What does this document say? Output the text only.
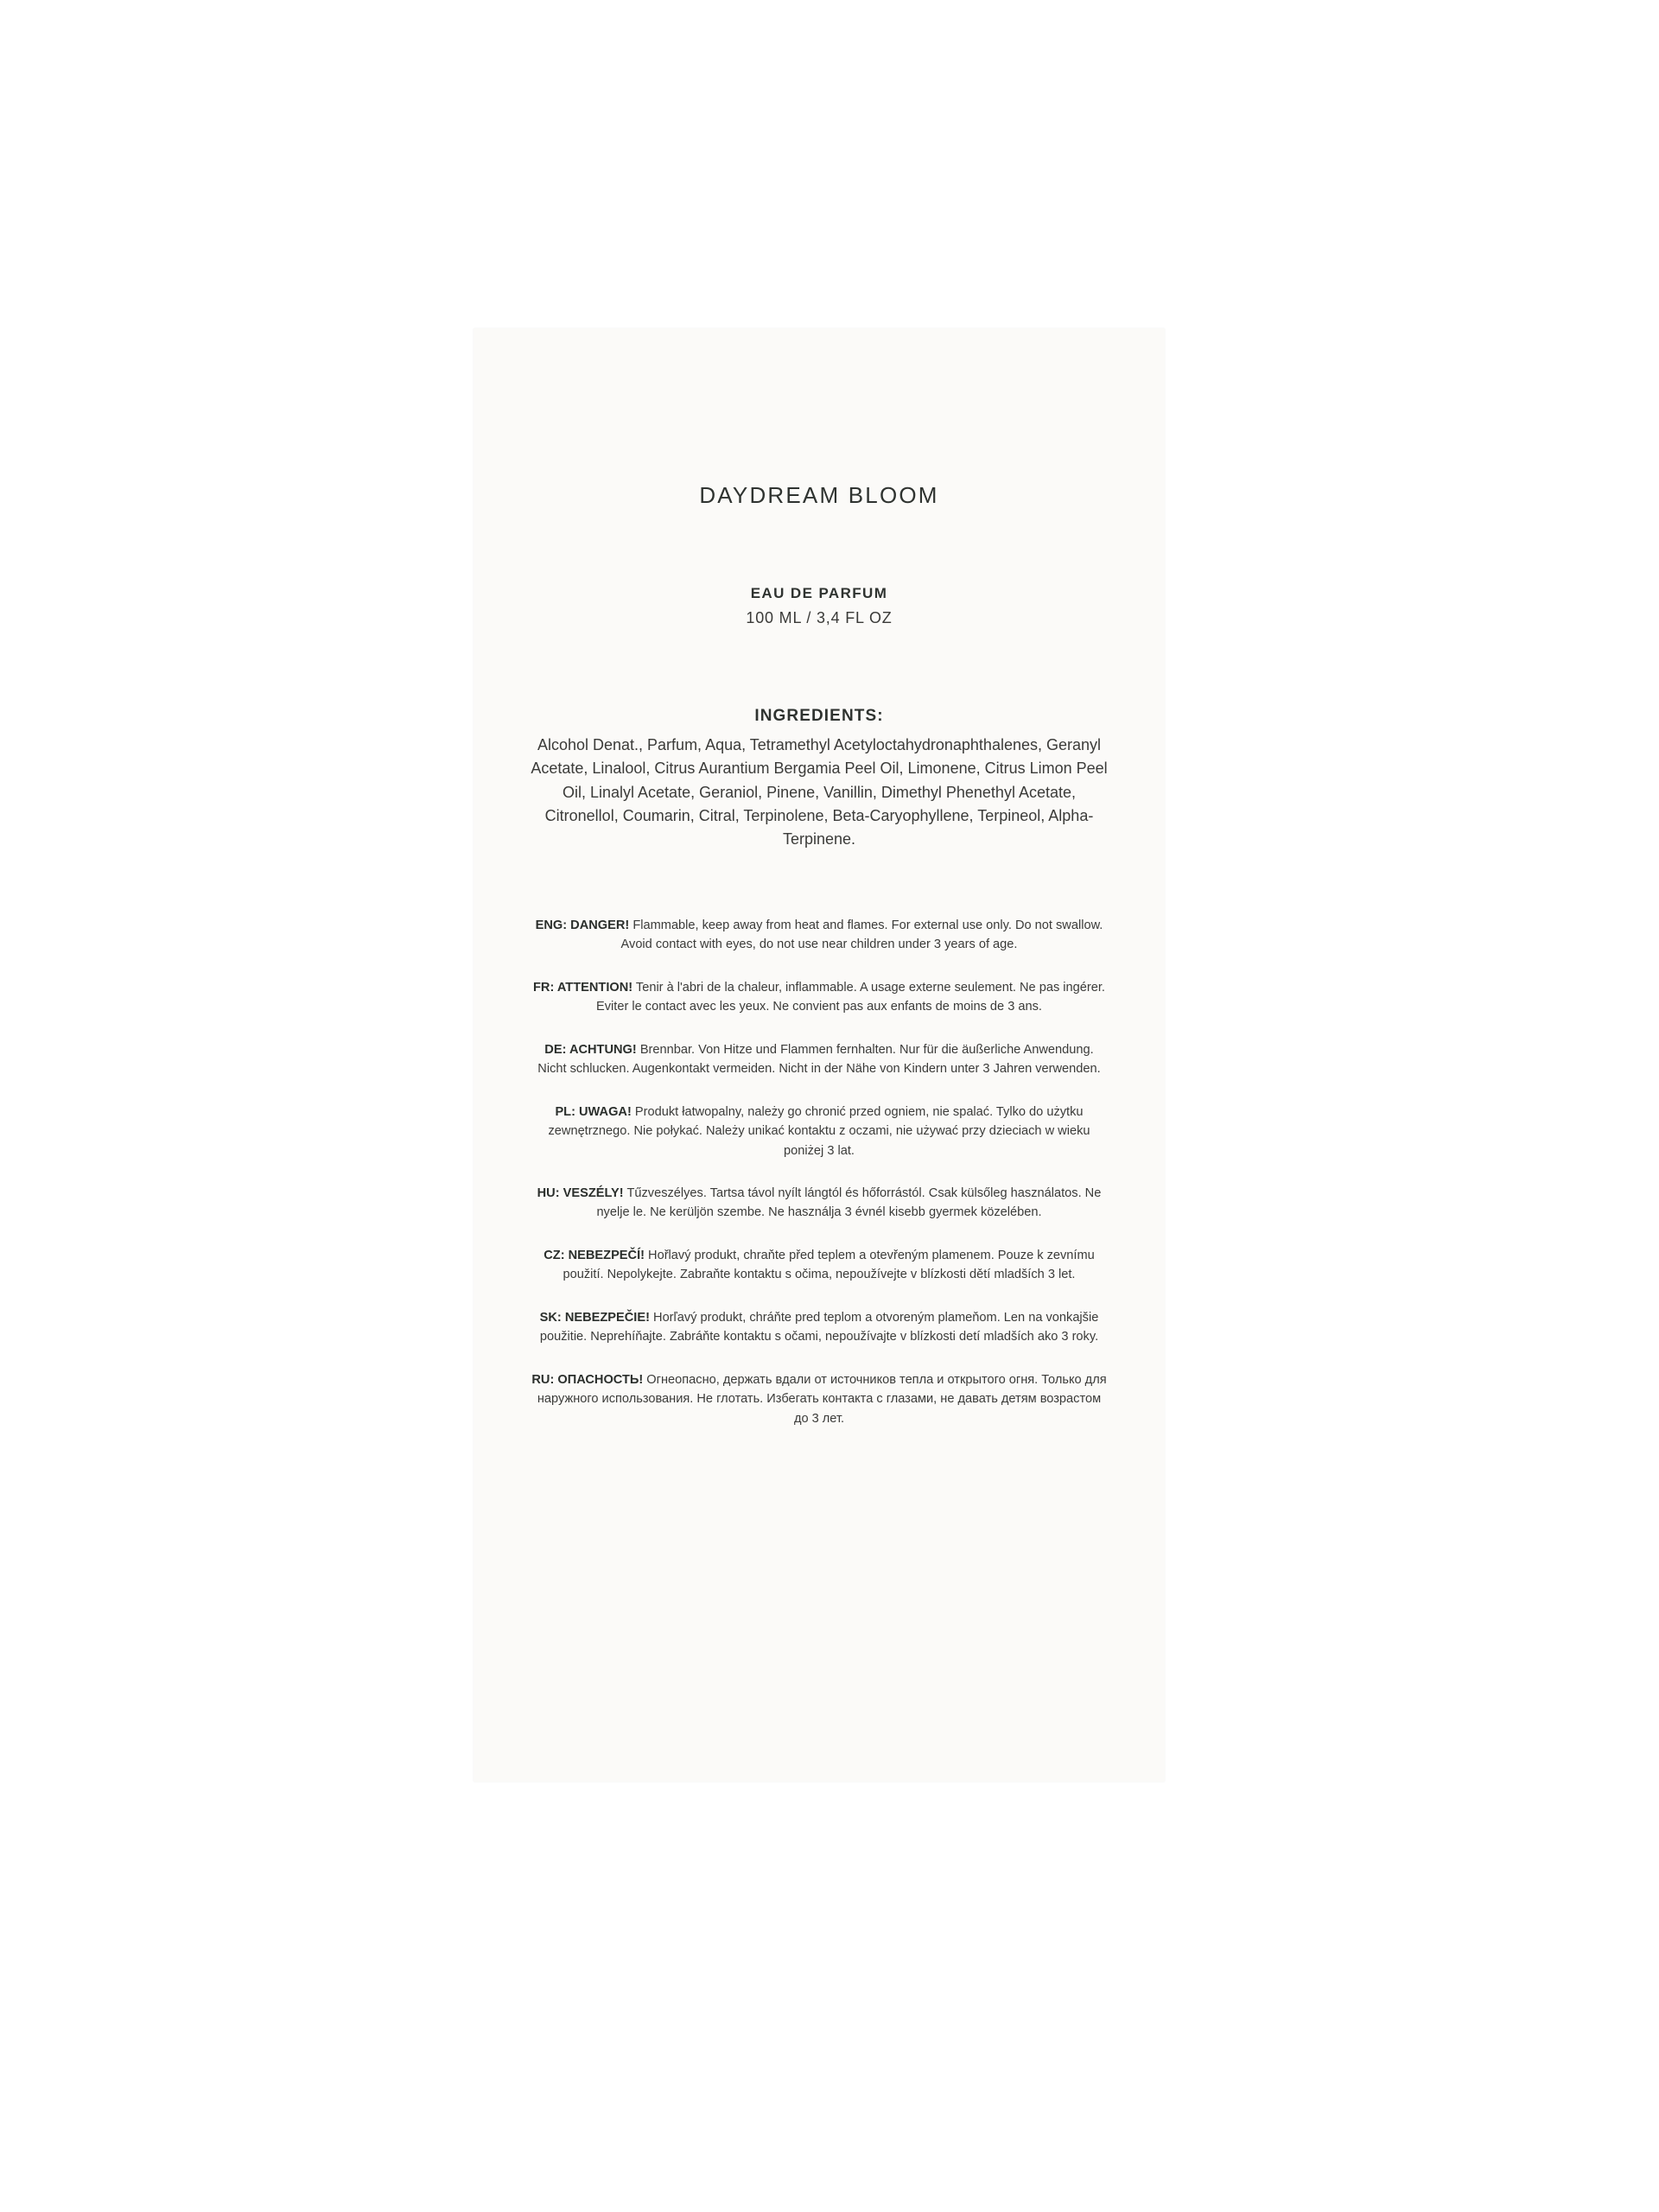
DAYDREAM BLOOM
EAU DE PARFUM
100 ML / 3,4 FL OZ
INGREDIENTS:
Alcohol Denat., Parfum, Aqua, Tetramethyl Acetyloctahydronaphthalenes, Geranyl Acetate, Linalool, Citrus Aurantium Bergamia Peel Oil, Limonene, Citrus Limon Peel Oil, Linalyl Acetate, Geraniol, Pinene, Vanillin, Dimethyl Phenethyl Acetate, Citronellol, Coumarin, Citral, Terpinolene, Beta-Caryophyllene, Terpineol, Alpha-Terpinene.
ENG: DANGER! Flammable, keep away from heat and flames. For external use only. Do not swallow. Avoid contact with eyes, do not use near children under 3 years of age.
FR: ATTENTION! Tenir à l'abri de la chaleur, inflammable. A usage externe seulement. Ne pas ingérer. Eviter le contact avec les yeux. Ne convient pas aux enfants de moins de 3 ans.
DE: ACHTUNG! Brennbar. Von Hitze und Flammen fernhalten. Nur für die äußerliche Anwendung. Nicht schlucken. Augenkontakt vermeiden. Nicht in der Nähe von Kindern unter 3 Jahren verwenden.
PL: UWAGA! Produkt łatwopalny, należy go chronić przed ogniem, nie spalać. Tylko do użytku zewnętrznego. Nie połykać. Należy unikać kontaktu z oczami, nie używać przy dzieciach w wieku poniżej 3 lat.
HU: VESZÉLY! Tűzveszélyes. Tartsa távol nyílt lángtól és hőforrástól. Csak külsőleg használatos. Ne nyelje le. Ne kerüljön szembe. Ne használja 3 évnél kisebb gyermek közelében.
CZ: NEBEZPEČÍ! Hořlavý produkt, chraňte před teplem a otevřeným plamenem. Pouze k zevnímu použití. Nepolykejte. Zabraňte kontaktu s očima, nepoužívejte v blízkosti dětí mladších 3 let.
SK: NEBEZPEČIE! Horľavý produkt, chráňte pred teplom a otvoreným plameňom. Len na vonkajšie použitie. Neprehíňajte. Zabráňte kontaktu s očami, nepoužívajte v blízkosti detí mladších ako 3 roky.
RU: ОПАСНОСТЬ! Огнеопасно, держать вдали от источников тепла и открытого огня. Только для наружного использования. Не глотать. Избегать контакта с глазами, не давать детям возрастом до 3 лет.
